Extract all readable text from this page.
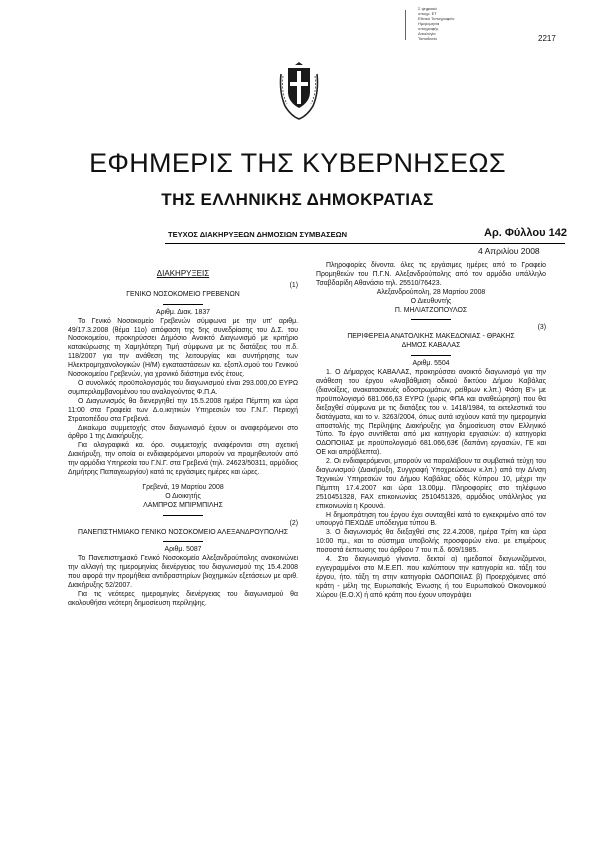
Σ ψηφιακά
υπογρ. ΕΤ
Εθνικό Τυπογραφείο
Ημερομηνία
υπογραφής
Αιτιολογία
Τοποθεσία	2217
ΕΦΗΜΕΡΙΣ ΤΗΣ ΚΥΒΕΡΝΗΣΕΩΣ
ΤΗΣ ΕΛΛΗΝΙΚΗΣ ΔΗΜΟΚΡΑΤΙΑΣ
ΤΕΥΧΟΣ ΔΙΑΚΗΡΥΞΕΩΝ ΔΗΜΟΣΙΩΝ ΣΥΜΒΑΣΕΩΝ	Αρ. Φύλλου 142
4 Απριλίου 2008

ΔΙΑΚΗΡΥΞΕΙΣ

(1)

ΓΕΝΙΚΟ ΝΟΣΟΚΟΜΕΙΟ ΓΡΕΒΕΝΩΝ

Αριθμ. Διακ. 1837

Το Γενικό Νοσοκομείο Γρεβενών σύμφωνα με την υπ' αριθμ. 49/17.3.2008 (θέμα 11ο) απόφαση της 5ης συνεδρίασης του Δ.Σ. του Νοσοκομείου, προκηρύσσει Δημόσιο Ανοικτό Διαγωνισμό με κριτήριο κατακύρωσης τη Χαμηλότερη Τιμή σύμφωνα με τις διατάξεις του π.δ. 118/2007 για την ανάθεση της λειτουργίας και συντήρησης των Ηλεκτρομηχανολογικών (Η/Μ) εγκαταστάσεων κα. εξοπλ.σμού του Γενικού Νοσοκομείου Γρεβενών, για χρονικό διάστημα ενός έτους.

Ο συνολικός προϋπολογισμός του διαγωνισμού είναι 293.000,00 ΕΥΡΩ συμπεριλαμβανομένου του αναλογούντος Φ.Π.Α.

Ο Διαγωνισμός θα διενεργηθεί την 15.5.2008 ημέρα Πέμπτη και ώρα 11:00 στα Γραφεία των Δ.ο.ικητικών Υπηρεσιών του Γ.Ν.Γ. Περιοχή Στρατοπέδου στα Γρεβενά.

Δικαίωμα συμμετοχής στον διαγωνισμό έχουν οι αναφερόμενοι στο άρθρο 1 της Διακήρυξης.

Για ολογραφικά κα. όρο. συμμετοχής αναφέρονται στη σχετική Διακήρυξη, την οποία οι ενδιαφερόμενοι μπορούν να προμηθευτούν από την αρμόδια Υπηρεσία του Γ.Ν.Γ. στα Γρεβενά (τηλ. 24623/50311, αρμόδιος Δημήτρης Παπαγεωργίου) κατά τις εργάσιμες ημέρες και ώρες.

Γρεβενά, 19 Μαρτίου 2008

Ο Διοικητής

ΛΑΜΠΡΟΣ ΜΠΙΡΜΠΙΛΗΣ

(2)

ΠΑΝΕΠΙΣΤΗΜΙΑΚΟ ΓΕΝΙΚΟ ΝΟΣΟΚΟΜΕΙΟ ΑΛΕΞΑΝΔΡΟΥΠΟΛΗΣ

Αριθμ. 5087

Το Πανεπιστημιακό Γενικό Νοσοκομείο Αλεξανδρούπολης ανακοινώνει την αλλαγή της ημερομηνίας διενέργειας του διαγωνισμού της 15.4.2008 που αφορά την προμήθεια αντιδραστηρίων βιοχημικών εξετάσεων με αριθ. Διακήρυξης 52/2007.

Για τις νεότερες ημερομηνίες διενέργειας του διαγωνισμού θα ακολουθήσει νεότερη δημοσίευση περίληψης.

Πληροφορίες δίνοντα. όλες τις εργάσιμες ημέρες από το Γραφείο Προμηθειών του Π.Γ.Ν. Αλεξανδρούπολης από τον αρμόδιο υπάλληλο Τσαβδαρίδη Αθανάσιο τηλ. 25510/76423.

Αλεξανδρούπολη, 28 Μαρτίου 2008

Ο Διευθυντής

Π. ΜΗΛΙΑΤΖΟΠΟΥΛΟΣ

(3)

ΠΕΡΙΦΕΡΕΙΑ ΑΝΑΤΟΛΙΚΗΣ ΜΑΚΕΔΟΝΙΑΣ - ΘΡΑΚΗΣ

ΔΗΜΟΣ ΚΑΒΑΛΑΣ

Αριθμ. 5504

1. Ο Δήμαρχος ΚΑΒΑΛΑΣ, προκηρύσσει ανοικτό διαγωνισμό για την ανάθεση του έργου «Αναβάθμιση οδικού δικτύου Δήμου Καβάλας (διανοίξεις, ανακατασκευές οδοστρωμάτων, ρείθρων κ.λπ.) Φάση Β'» με προϋπολογισμό 681.066,63 ΕΥΡΩ (χωρίς ΦΠΑ και αναθεώρηση) που θα διεξαχθεί σύμφωνα με τις διατάξεις του ν. 1418/1984, τα εκτελεστικά του διατάγματα, και το ν. 3263/2004, όπως αυτά ισχύουν κατά την ημερομηνία αποστολής της Περίληψης Διακήρυξης για δημοσίευση στον Ελληνικό Τύπο. Το έργο συντίθεται από μια κατηγορία εργασιών: α) κατηγορία ΟΔΟΠΟΙΙΑΣ με προϋπολογισμό 681.066,63€ (δαπάνη εργασιών, ΓΕ και ΟΕ και απρόβλεπτα).

2. Οι ενδιαφερόμενοι, μπορούν να παραλάβουν τα συμβατικά τεύχη του διαγωνισμού (Διακήρυξη, Συγγραφή Υποχρεώσεων κ.λπ.) από την Δ/νση Τεχνικών Υπηρεσιών του Δήμου Καβάλας οδός Κύπρου 10, μέχρι την Πέμπτη 17.4.2007 και ώρα 13.00μμ. Πληροφορίες στο τηλέφωνο 2510451328, FAX επικοινωνίας 2510451326, αρμόδιος υπάλληλος για επικοινωνία η Κρουνά.

Η δημοπράτηση του έργου έχει συνταχθεί κατά το εγκεκριμένο από τον υπουργό ΠΕΧΩΔΕ υπόδειγμα τύπου Β.

3. Ο διαγωνισμός θα διεξαχθεί στις 22.4.2008, ημέρα Τρίτη και ώρα 10:00 πμ., και το σύστημα υποβολής προσφορών είνα. με επιμέρους ποσοστά έκπτωσης του άρθρου 7 του π.δ. 609/1985.

4. Στο διαγωνισμό γίνοντα. δεκτοί α) ημεδαποί διαγωνιζόμενοι, εγγεγραμμένοι στο Μ.Ε.ΕΠ. που καλύπτουν την κατηγορία κα. τάξη του έργου, ήτο. τάξη τη στην κατηγορία ΟΔΟΠΟΙΙΑΣ β) Προερχόμενες από κράτη - μέλη της Ευρωπαϊκής Ένωσης ή του Ευρωπαϊκού Οικονομικού Χώρου (Ε.Ο.Χ) ή από κράτη που έχουν υπογράψει
